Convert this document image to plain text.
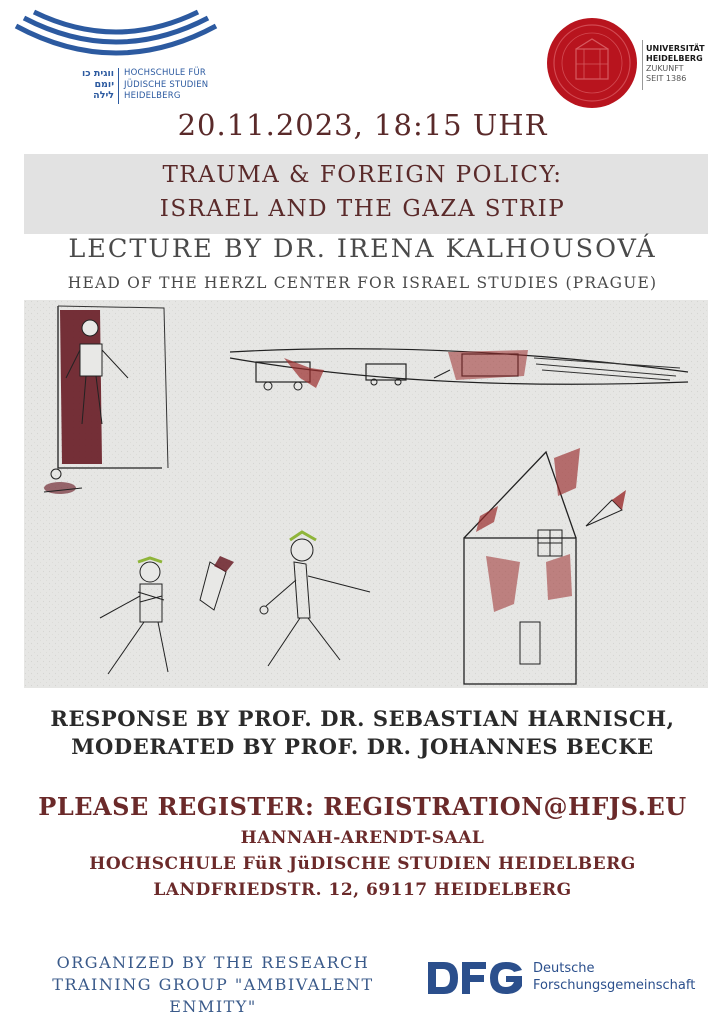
ווגית כו
יומם
לילה
HOCHSCHULE FÜR
JÜDISCHE STUDIEN
HEIDELBERG
UNIVERSITÄT
HEIDELBERG
ZUKUNFT
SEIT 1386
20.11.2023, 18:15 UHR
TRAUMA & FOREIGN POLICY:
ISRAEL AND THE GAZA STRIP
LECTURE BY DR. IRENA KALHOUSOVÁ
HEAD OF THE HERZL CENTER FOR ISRAEL STUDIES (PRAGUE)
RESPONSE BY PROF. DR. SEBASTIAN HARNISCH,
MODERATED BY PROF. DR. JOHANNES BECKE
PLEASE REGISTER: REGISTRATION@HFJS.EU
HANNAH-ARENDT-SAAL
HOCHSCHULE FüR JüDISCHE STUDIEN HEIDELBERG
LANDFRIEDSTR. 12, 69117 HEIDELBERG
ORGANIZED BY THE RESEARCH
TRAINING GROUP "AMBIVALENT
ENMITY"
Deutsche
Forschungsgemeinschaft
